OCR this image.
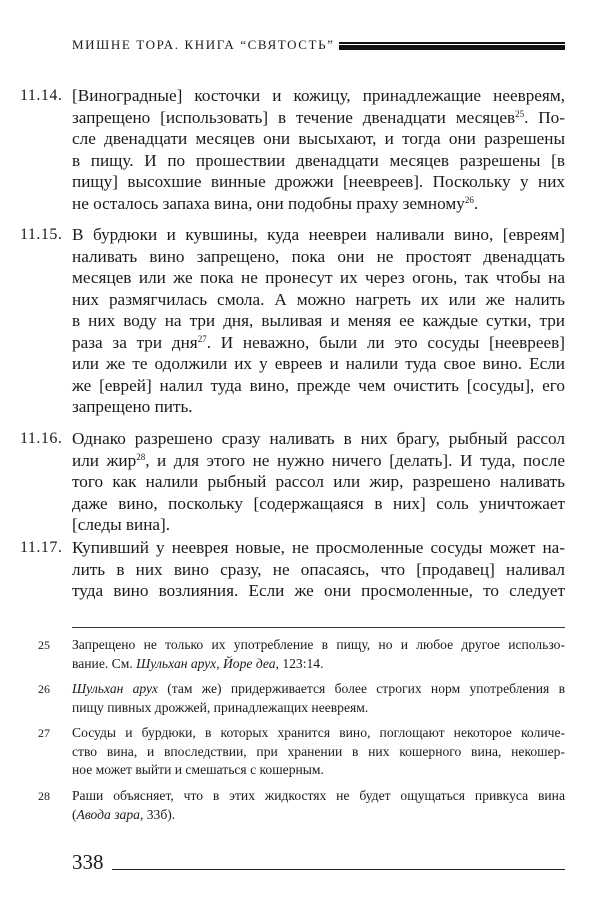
МИШНЕ ТОРА. КНИГА “СВЯТОСТЬ”
11.14. [Виноградные] косточки и кожицу, принадлежащие неевреям,
запрещено [использовать] в течение двенадцати месяцев$^{25}$. По-
сле двенадцати месяцев они высыхают, и тогда они разрешены
в пищу. И по прошествии двенадцати месяцев разрешены [в
пищу] высохшие винные дрожжи [неевреев]. Поскольку у них
не осталось запаха вина, они подобны праху земному$^{26}$.
11.15. В бурдюки и кувшины, куда неевреи наливали вино, [евреям]
наливать вино запрещено, пока они не простоят двенадцать
месяцев или же пока не пронесут их через огонь, так чтобы на
них размягчилась смола. А можно нагреть их или же налить
в них воду на три дня, выливая и меняя ее каждые сутки, три
раза за три дня$^{27}$. И неважно, были ли это сосуды [неевреев]
или же те одолжили их у евреев и налили туда свое вино. Если
же [еврей] налил туда вино, прежде чем очистить [сосуды], его
запрещено пить.
11.16. Однако разрешено сразу наливать в них брагу, рыбный рассол
или жир$^{28}$, и для этого не нужно ничего [делать]. И туда, после
того как налили рыбный рассол или жир, разрешено наливать
даже вино, поскольку [содержащаяся в них] соль уничтожает
[следы вина].
11.17. Купивший у нееврея новые, не просмоленные сосуды может на-
лить в них вино сразу, не опасаясь, что [продавец] наливал
туда вино возлияния. Если же они просмоленные, то следует
25 Запрещено не только их употребление в пищу, но и любое другое использо-
вание. См. Шульхан арух, Йоре деа, 123:14.
26 Шульхан арух (там же) придерживается более строгих норм употребления в
пищу пивных дрожжей, принадлежащих неевреям.
27 Сосуды и бурдюки, в которых хранится вино, поглощают некоторое количе-
ство вина, и впоследствии, при хранении в них кошерного вина, некошер-
ное может выйти и смешаться с кошерным.
28 Раши объясняет, что в этих жидкостях не будет ощущаться привкуса вина
(Авода зара, 33б).
338
